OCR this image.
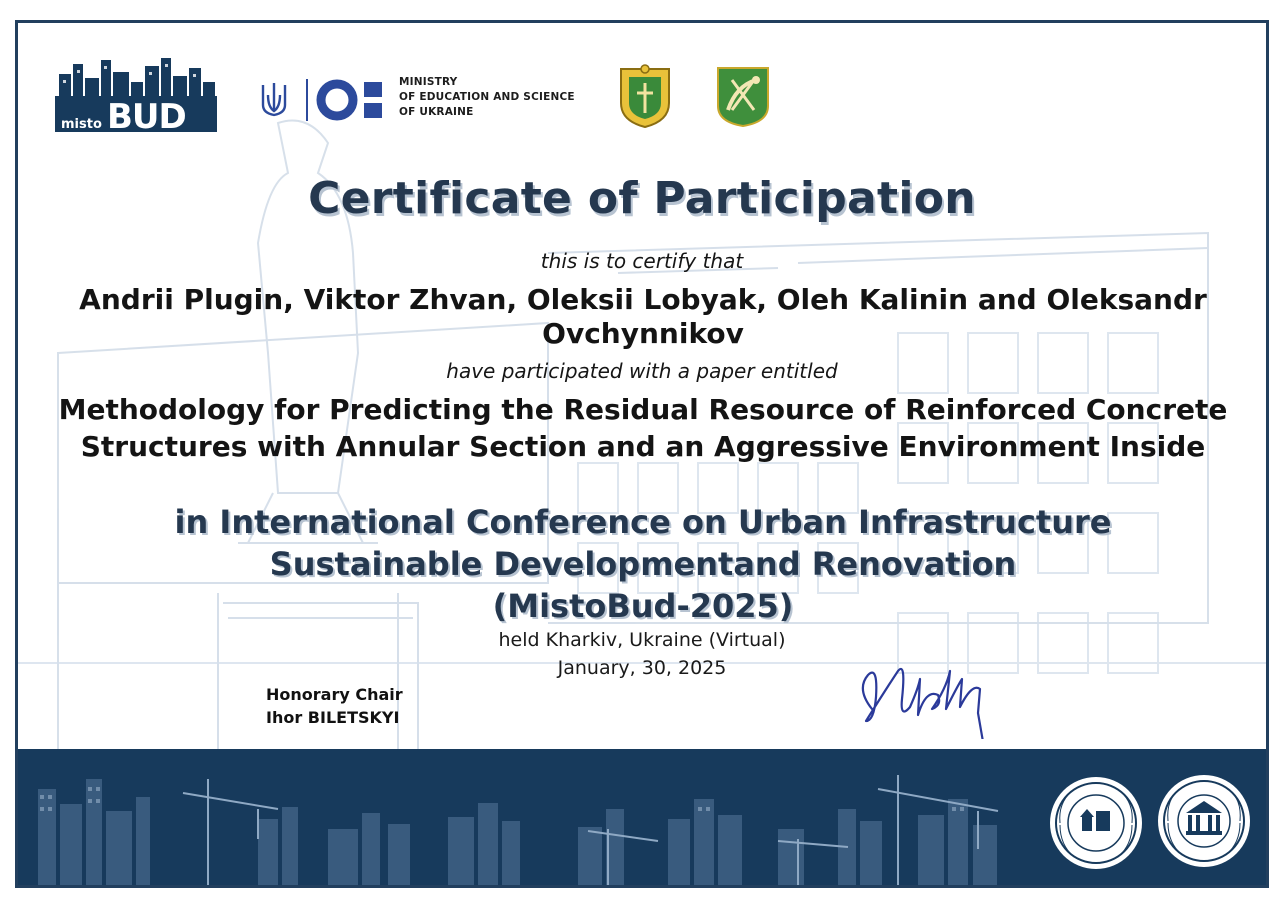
misto BUD
MINISTRY
OF EDUCATION AND SCIENCE
OF UKRAINE
Certificate of Participation
this is to certify that
Andrii Plugin, Viktor Zhvan, Oleksii Lobyak, Oleh Kalinin and Oleksandr Ovchynnikov
have participated with a paper entitled
Methodology for Predicting the Residual Resource of Reinforced Concrete Structures with Annular Section and an Aggressive Environment Inside
in International Conference on Urban Infrastructure
Sustainable Developmentand Renovation
(MistoBud-2025)
held Kharkiv, Ukraine (Virtual)
January, 30, 2025
Honorary Chair
Ihor BILETSKYI
